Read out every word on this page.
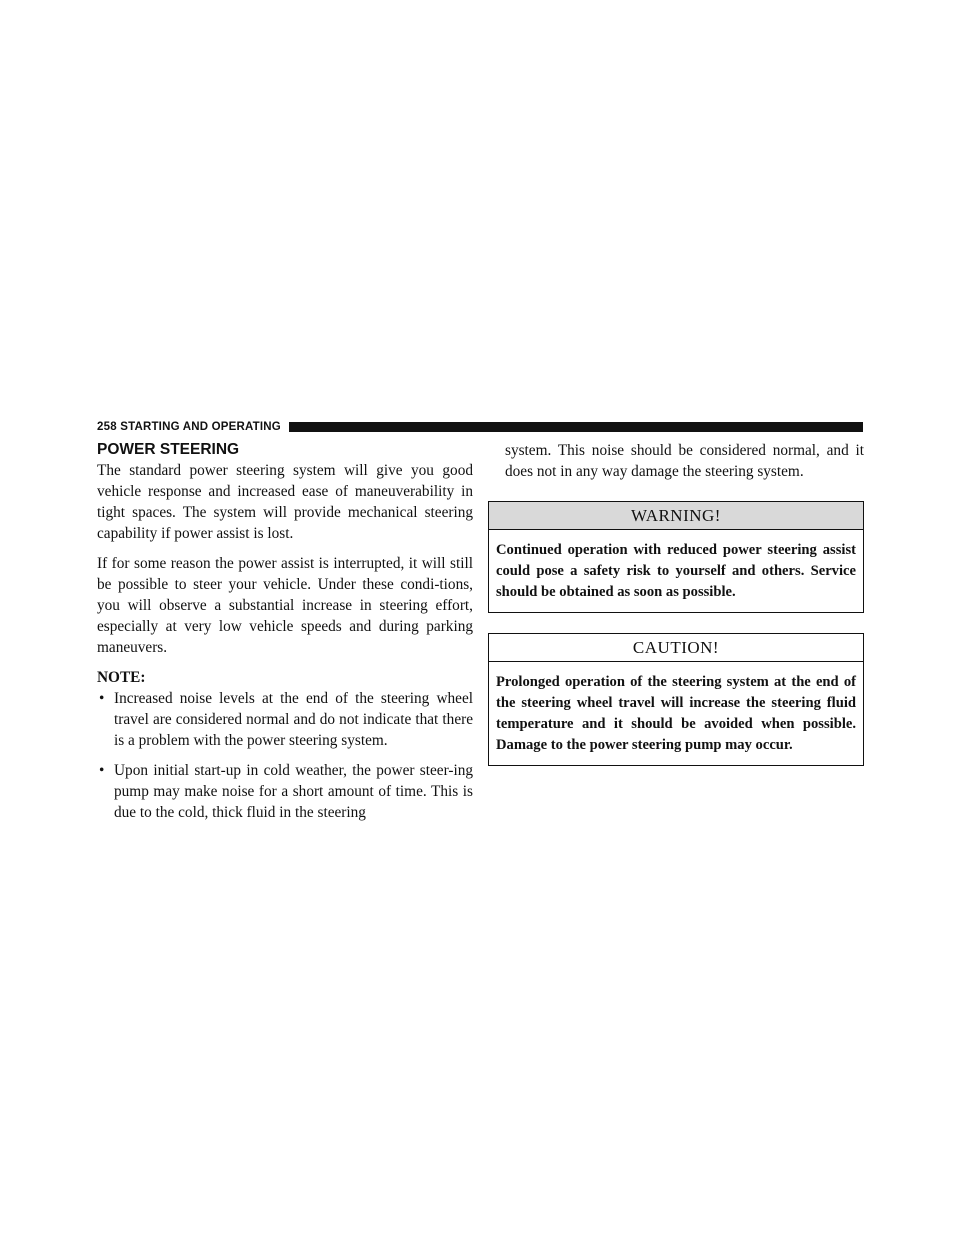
258 STARTING AND OPERATING
POWER STEERING

The standard power steering system will give you good vehicle response and increased ease of maneuverability in tight spaces. The system will provide mechanical steering capability if power assist is lost.

If for some reason the power assist is interrupted, it will still be possible to steer your vehicle. Under these condi-tions, you will observe a substantial increase in steering effort, especially at very low vehicle speeds and during parking maneuvers.

NOTE:
• Increased noise levels at the end of the steering wheel travel are considered normal and do not indicate that there is a problem with the power steering system.
• Upon initial start-up in cold weather, the power steer-ing pump may make noise for a short amount of time. This is due to the cold, thick fluid in the steering

system. This noise should be considered normal, and it does not in any way damage the steering system.

WARNING!
Continued operation with reduced power steering assist could pose a safety risk to yourself and others. Service should be obtained as soon as possible.
CAUTION!
Prolonged operation of the steering system at the end of the steering wheel travel will increase the steering fluid temperature and it should be avoided when possible. Damage to the power steering pump may occur.
